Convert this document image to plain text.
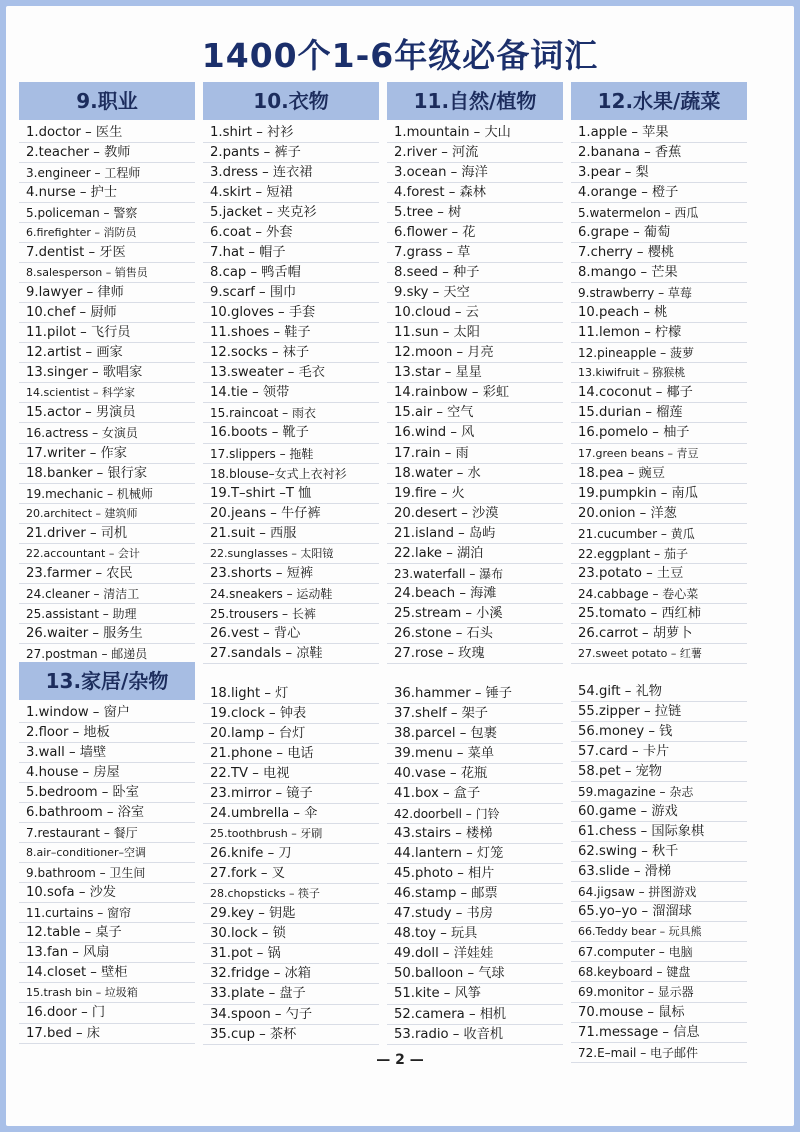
1400个1-6年级必备词汇
9.职业
1.doctor – 医生
2.teacher – 教师
3.engineer – 工程师
4.nurse – 护士
5.policeman – 警察
6.firefighter – 消防员
7.dentist – 牙医
8.salesperson – 销售员
9.lawyer – 律师
10.chef – 厨师
11.pilot – 飞行员
12.artist – 画家
13.singer – 歌唱家
14.scientist – 科学家
15.actor – 男演员
16.actress – 女演员
17.writer – 作家
18.banker – 银行家
19.mechanic – 机械师
20.architect – 建筑师
21.driver – 司机
22.accountant – 会计
23.farmer – 农民
24.cleaner – 清洁工
25.assistant – 助理
26.waiter – 服务生
27.postman – 邮递员
10.衣物
1.shirt – 衬衫
2.pants – 裤子
3.dress – 连衣裙
4.skirt – 短裙
5.jacket – 夹克衫
6.coat – 外套
7.hat – 帽子
8.cap – 鸭舌帽
9.scarf – 围巾
10.gloves – 手套
11.shoes – 鞋子
12.socks – 袜子
13.sweater – 毛衣
14.tie – 领带
15.raincoat – 雨衣
16.boots – 靴子
17.slippers – 拖鞋
18.blouse–女式上衣衬衫
19.T–shirt –T 恤
20.jeans – 牛仔裤
21.suit – 西服
22.sunglasses – 太阳镜
23.shorts – 短裤
24.sneakers – 运动鞋
25.trousers – 长裤
26.vest – 背心
27.sandals – 凉鞋
11.自然/植物
1.mountain – 大山
2.river – 河流
3.ocean – 海洋
4.forest – 森林
5.tree – 树
6.flower – 花
7.grass – 草
8.seed – 种子
9.sky – 天空
10.cloud – 云
11.sun – 太阳
12.moon – 月亮
13.star – 星星
14.rainbow – 彩虹
15.air – 空气
16.wind – 风
17.rain – 雨
18.water – 水
19.fire – 火
20.desert – 沙漠
21.island – 岛屿
22.lake – 湖泊
23.waterfall – 瀑布
24.beach – 海滩
25.stream – 小溪
26.stone – 石头
27.rose – 玫瑰
12.水果/蔬菜
1.apple – 苹果
2.banana – 香蕉
3.pear – 梨
4.orange – 橙子
5.watermelon – 西瓜
6.grape – 葡萄
7.cherry – 樱桃
8.mango – 芒果
9.strawberry – 草莓
10.peach – 桃
11.lemon – 柠檬
12.pineapple – 菠萝
13.kiwifruit – 猕猴桃
14.coconut – 椰子
15.durian – 榴莲
16.pomelo – 柚子
17.green beans – 青豆
18.pea – 豌豆
19.pumpkin – 南瓜
20.onion – 洋葱
21.cucumber – 黄瓜
22.eggplant – 茄子
23.potato – 土豆
24.cabbage – 卷心菜
25.tomato – 西红柿
26.carrot – 胡萝卜
27.sweet potato – 红薯
13.家居/杂物
1.window – 窗户
2.floor – 地板
3.wall – 墙壁
4.house – 房屋
5.bedroom – 卧室
6.bathroom – 浴室
7.restaurant – 餐厅
8.air–conditioner–空调
9.bathroom – 卫生间
10.sofa – 沙发
11.curtains – 窗帘
12.table – 桌子
13.fan – 风扇
14.closet – 壁柜
15.trash bin – 垃圾箱
16.door – 门
17.bed – 床
18.light – 灯
19.clock – 钟表
20.lamp – 台灯
21.phone – 电话
22.TV – 电视
23.mirror – 镜子
24.umbrella – 伞
25.toothbrush – 牙刷
26.knife – 刀
27.fork – 叉
28.chopsticks – 筷子
29.key – 钥匙
30.lock – 锁
31.pot – 锅
32.fridge – 冰箱
33.plate – 盘子
34.spoon – 勺子
35.cup – 茶杯
36.hammer – 锤子
37.shelf – 架子
38.parcel – 包裹
39.menu – 菜单
40.vase – 花瓶
41.box – 盒子
42.doorbell – 门铃
43.stairs – 楼梯
44.lantern – 灯笼
45.photo – 相片
46.stamp – 邮票
47.study – 书房
48.toy – 玩具
49.doll – 洋娃娃
50.balloon – 气球
51.kite – 风筝
52.camera – 相机
53.radio – 收音机
54.gift – 礼物
55.zipper – 拉链
56.money – 钱
57.card – 卡片
58.pet – 宠物
59.magazine – 杂志
60.game – 游戏
61.chess – 国际象棋
62.swing – 秋千
63.slide – 滑梯
64.jigsaw – 拼图游戏
65.yo–yo – 溜溜球
66.Teddy bear – 玩具熊
67.computer – 电脑
68.keyboard – 键盘
69.monitor – 显示器
70.mouse – 鼠标
71.message – 信息
72.E–mail – 电子邮件
— 2 —
